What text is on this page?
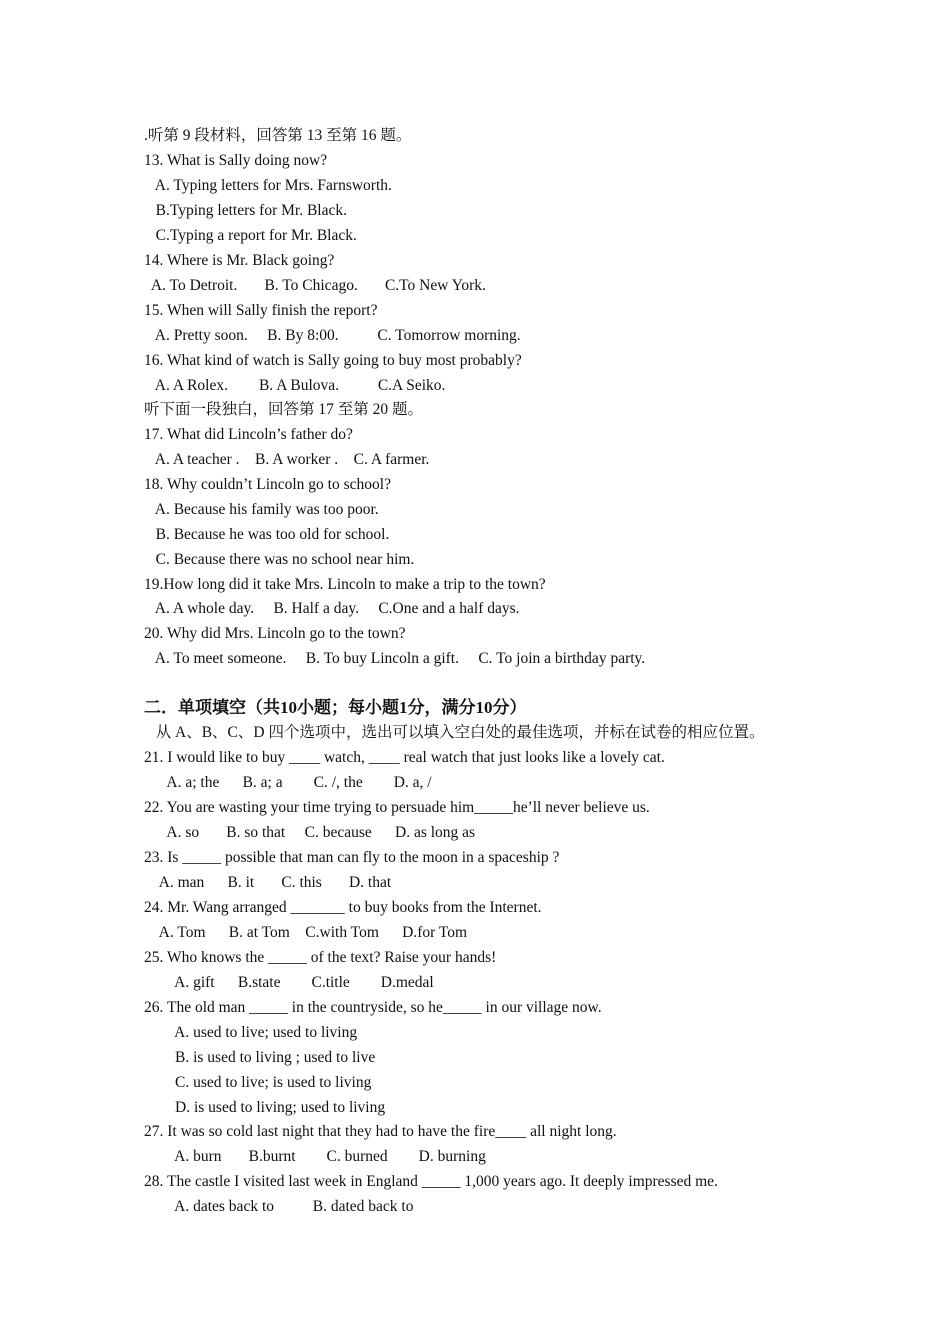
.听第 9 段材料，回答第 13 至第 16 题。
13. What is Sally doing now?
A. Typing letters for Mrs. Farnsworth.
B.Typing letters for Mr. Black.
C.Typing a report for Mr. Black.
14. Where is Mr. Black going?
A. To Detroit.       B. To Chicago.       C.To New York.
15. When will Sally finish the report?
A. Pretty soon.     B. By 8:00.          C. Tomorrow morning.
16. What kind of watch is Sally going to buy most probably?
A. A Rolex.        B. A Bulova.          C.A Seiko.
听下面一段独白，回答第 17 至第 20 题。
17. What did Lincoln’s father do?
A. A teacher .    B. A worker .    C. A farmer.
18. Why couldn’t Lincoln go to school?
A. Because his family was too poor.
B. Because he was too old for school.
C. Because there was no school near him.
19.How long did it take Mrs. Lincoln to make a trip to the town?
A. A whole day.     B. Half a day.     C.One and a half days.
20. Why did Mrs. Lincoln go to the town?
A. To meet someone.     B. To buy Lincoln a gift.     C. To join a birthday party.
二．单项填空（共10小题；每小题1分，满分10分）
从 A、B、C、D 四个选项中，选出可以填入空白处的最佳选项，并标在试卷的相应位置。
21. I would like to buy ____ watch, ____ real watch that just looks like a lovely cat.
A. a; the      B. a; a        C. /, the        D. a, /
22. You are wasting your time trying to persuade him_____he’ll never believe us.
A. so       B. so that     C. because      D. as long as
23. Is _____ possible that man can fly to the moon in a spaceship ?
A. man      B. it       C. this       D. that
24. Mr. Wang arranged _______ to buy books from the Internet.
A. Tom      B. at Tom    C.with Tom      D.for Tom
25. Who knows the _____ of the text? Raise your hands!
A. gift      B.state        C.title        D.medal
26. The old man _____ in the countryside, so he_____ in our village now.
A. used to live; used to living
B. is used to living ; used to live
C. used to live; is used to living
D. is used to living; used to living
27. It was so cold last night that they had to have the fire____ all night long.
A. burn       B.burnt        C. burned        D. burning
28. The castle I visited last week in England _____ 1,000 years ago. It deeply impressed me.
A. dates back to          B. dated back to
